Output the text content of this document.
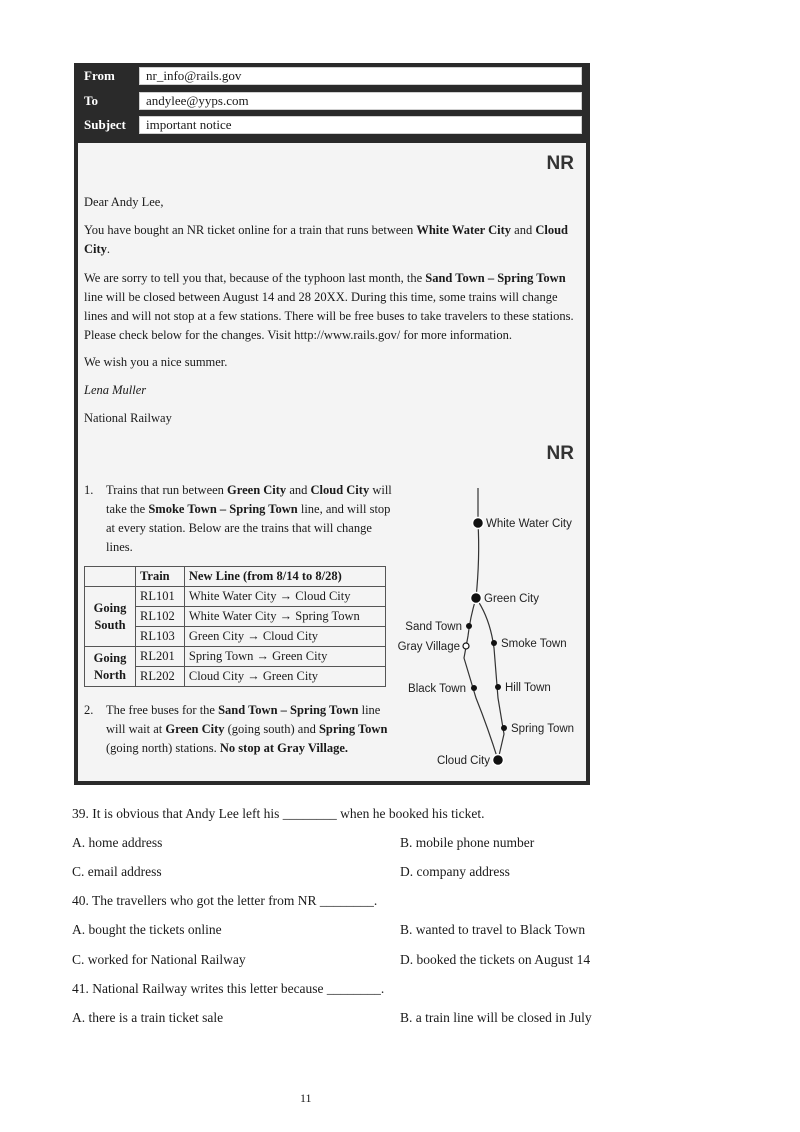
From	nr_info@rails.gov
To	andylee@yyps.com
Subject	important notice
NR
Dear Andy Lee,
You have bought an NR ticket online for a train that runs between White Water City and Cloud City.
We are sorry to tell you that, because of the typhoon last month, the Sand Town – Spring Town line will be closed between August 14 and 28 20XX. During this time, some trains will change lines and will not stop at a few stations. There will be free buses to take travelers to these stations. Please check below for the changes. Visit http://www.rails.gov/ for more information.
We wish you a nice summer.
Lena Muller
National Railway
NR
1. Trains that run between Green City and Cloud City will take the Smoke Town – Spring Town line, and will stop at every station. Below are the trains that will change lines.
	Train	New Line (from 8/14 to 8/28)
Going South	RL101	White Water City → Cloud City
	RL102	White Water City → Spring Town
	RL103	Green City → Cloud City
Going North	RL201	Spring Town → Green City
	RL202	Cloud City → Green City
2. The free buses for the Sand Town – Spring Town line will wait at Green City (going south) and Spring Town (going north) stations. No stop at Gray Village.
White Water City
Green City
Sand Town
Gray Village	Smoke Town
Black Town	Hill Town
Spring Town
Cloud City
39. It is obvious that Andy Lee left his ________ when he booked his ticket.
A. home address	B. mobile phone number
C. email address	D. company address
40. The travellers who got the letter from NR ________.
A. bought the tickets online	B. wanted to travel to Black Town
C. worked for National Railway	D. booked the tickets on August 14
41. National Railway writes this letter because ________.
A. there is a train ticket sale	B. a train line will be closed in July
11
